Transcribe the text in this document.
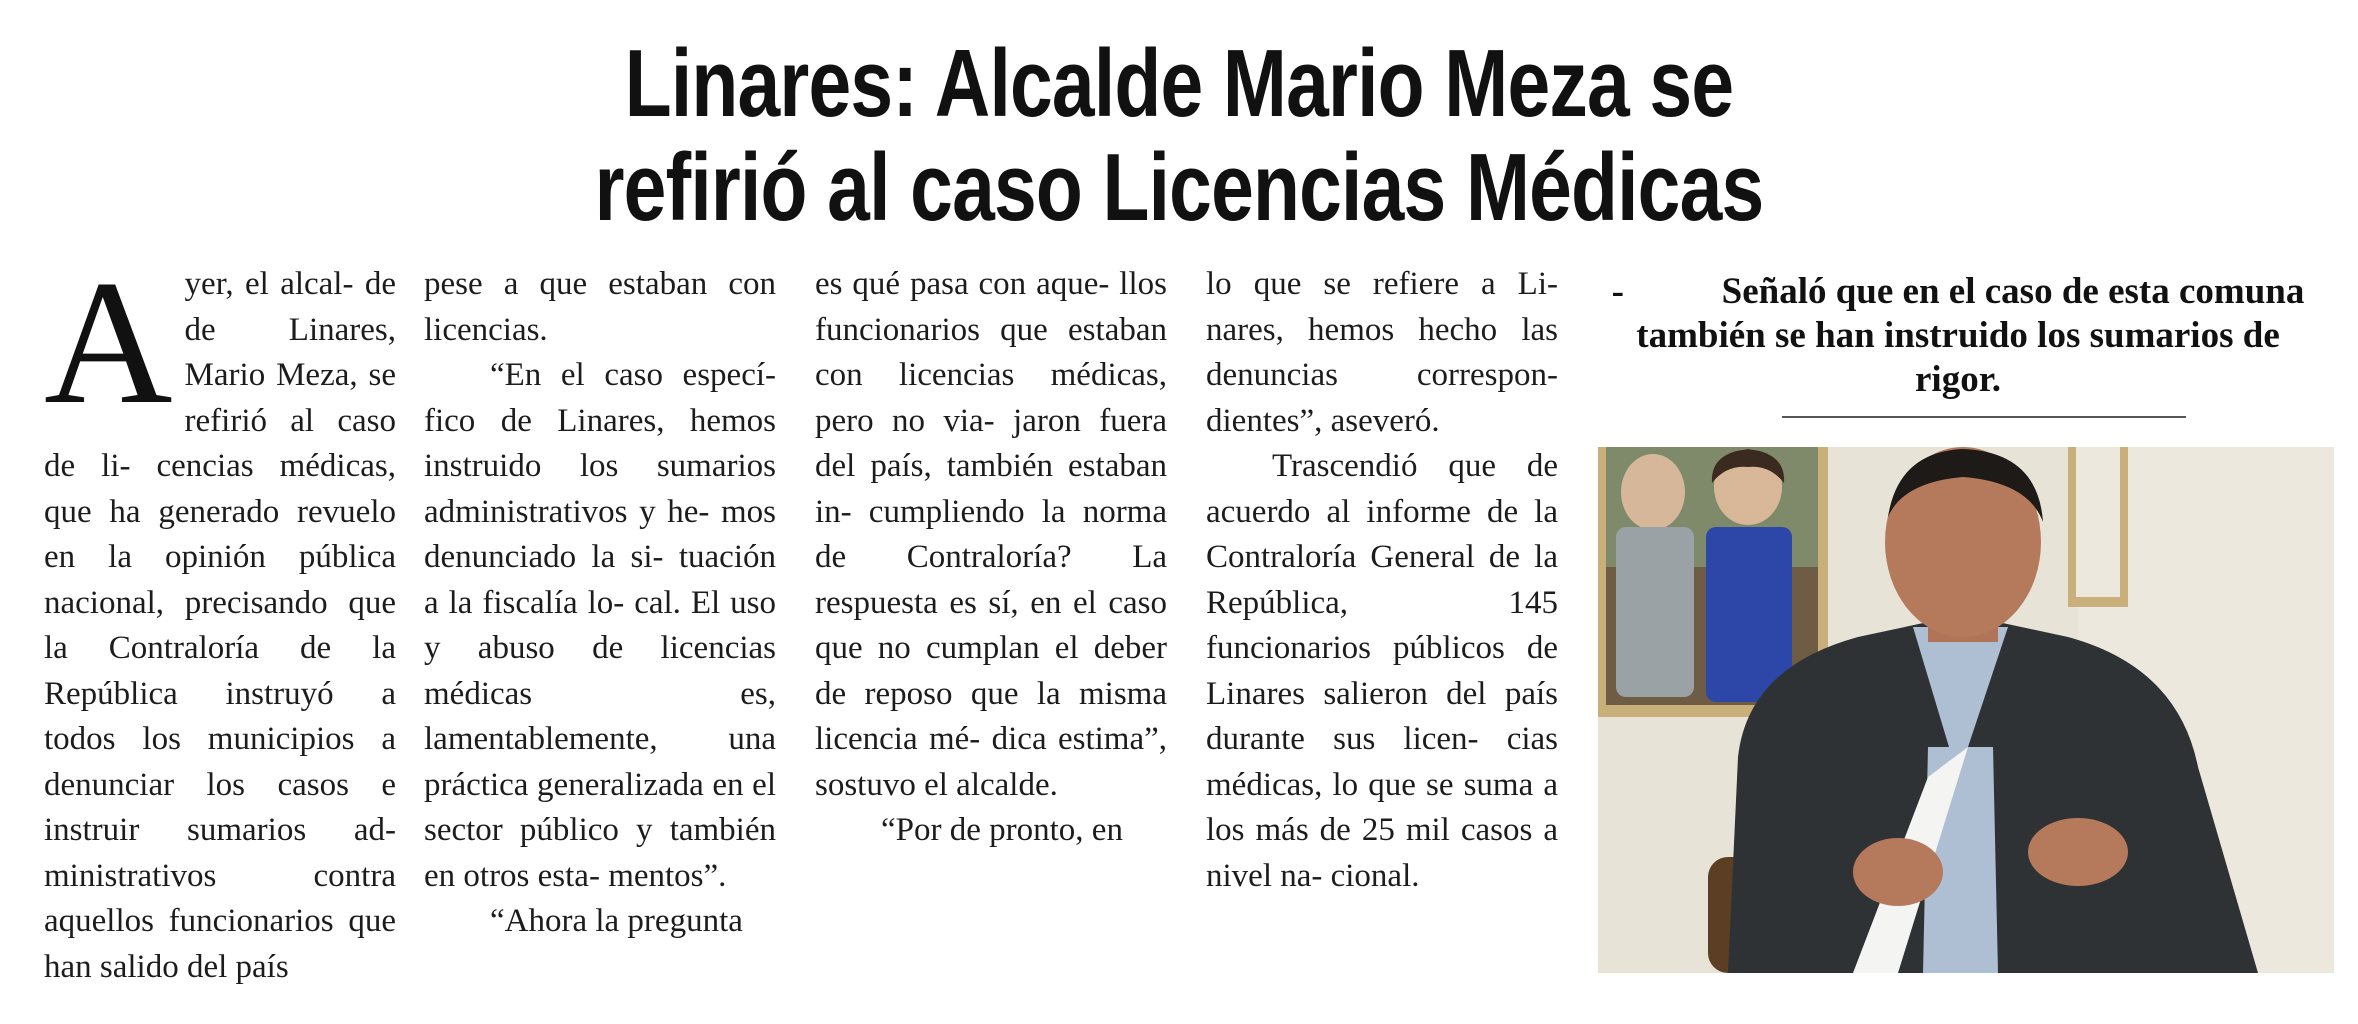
Linares: Alcalde Mario Meza se
refirió al caso Licencias Médicas
A yer, el alcal- de de Linares, Mario Meza, se refirió al caso de li- cencias médicas, que ha generado revuelo en la opinión pública nacional, precisando que la Contraloría de la República instruyó a todos los municipios a denunciar los casos e instruir sumarios ad- ministrativos contra aquellos funcionarios que han salido del país

pese a que estaban con licencias.

“En el caso especí- fico de Linares, hemos instruido los sumarios administrativos y he- mos denunciado la si- tuación a la fiscalía lo- cal. El uso y abuso de licencias médicas es, lamentablemente, una práctica generalizada en el sector público y también en otros esta- mentos”.

“Ahora la pregunta

es qué pasa con aque- llos funcionarios que estaban con licencias médicas, pero no via- jaron fuera del país, también estaban in- cumpliendo la norma de Contraloría? La respuesta es sí, en el caso que no cumplan el deber de reposo que la misma licencia mé- dica estima”, sostuvo el alcalde.

“Por de pronto, en

lo que se refiere a Li- nares, hemos hecho las denuncias correspon- dientes”, aseveró.

Trascendió que de acuerdo al informe de la Contraloría General de la República, 145 funcionarios públicos de Linares salieron del país durante sus licen- cias médicas, lo que se suma a los más de 25 mil casos a nivel na- cional.

-	Señaló que en el caso de esta comuna también se han instruido los sumarios de rigor.
